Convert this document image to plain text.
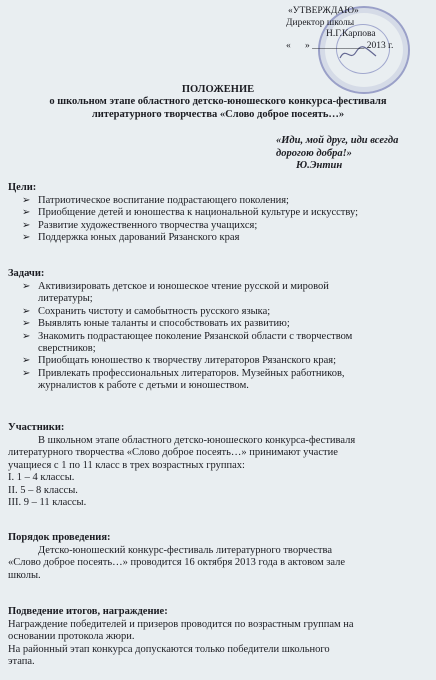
«УТВЕРЖДАЮ»
Директор школы
Н.Г.Карпова
«      » ___________ 2013 г.
ПОЛОЖЕНИЕ
о школьном этапе областного детско-юношеского конкурса-фестиваля
литературного творчества «Слово доброе посеять…»
«Иди, мой друг, иди всегда
дорогою добра!»
Ю.Энтин
Цели:
➢ Патриотическое воспитание подрастающего поколения;
➢ Приобщение детей и юношества к национальной культуре и искусству;
➢ Развитие художественного творчества учащихся;
➢ Поддержка юных дарований Рязанского края
Задачи:
➢ Активизировать детское и юношеское чтение русской и мировой
литературы;
➢ Сохранить чистоту и самобытность русского языка;
➢ Выявлять юные таланты и способствовать их развитию;
➢ Знакомить подрастающее поколение Рязанской области с творчеством
сверстников;
➢ Приобщать юношество к творчеству литераторов Рязанского края;
➢ Привлекать профессиональных литераторов. Музейных работников,
журналистов к работе с детьми и юношеством.
Участники:
В школьном этапе областного детско-юношеского конкурса-фестиваля
литературного творчества «Слово доброе посеять…» принимают участие
учащиеся с 1 по 11 класс в трех возрастных группах:
I. 1 – 4 классы.
II. 5 – 8 классы.
III. 9 – 11 классы.
Порядок проведения:
Детско-юношеский конкурс-фестиваль литературного творчества
«Слово доброе посеять…» проводится 16 октября 2013 года в актовом зале
школы.
Подведение итогов, награждение:
Награждение победителей и призеров проводится по возрастным группам на
основании протокола жюри.
На районный этап конкурса допускаются только победители школьного
этапа.
